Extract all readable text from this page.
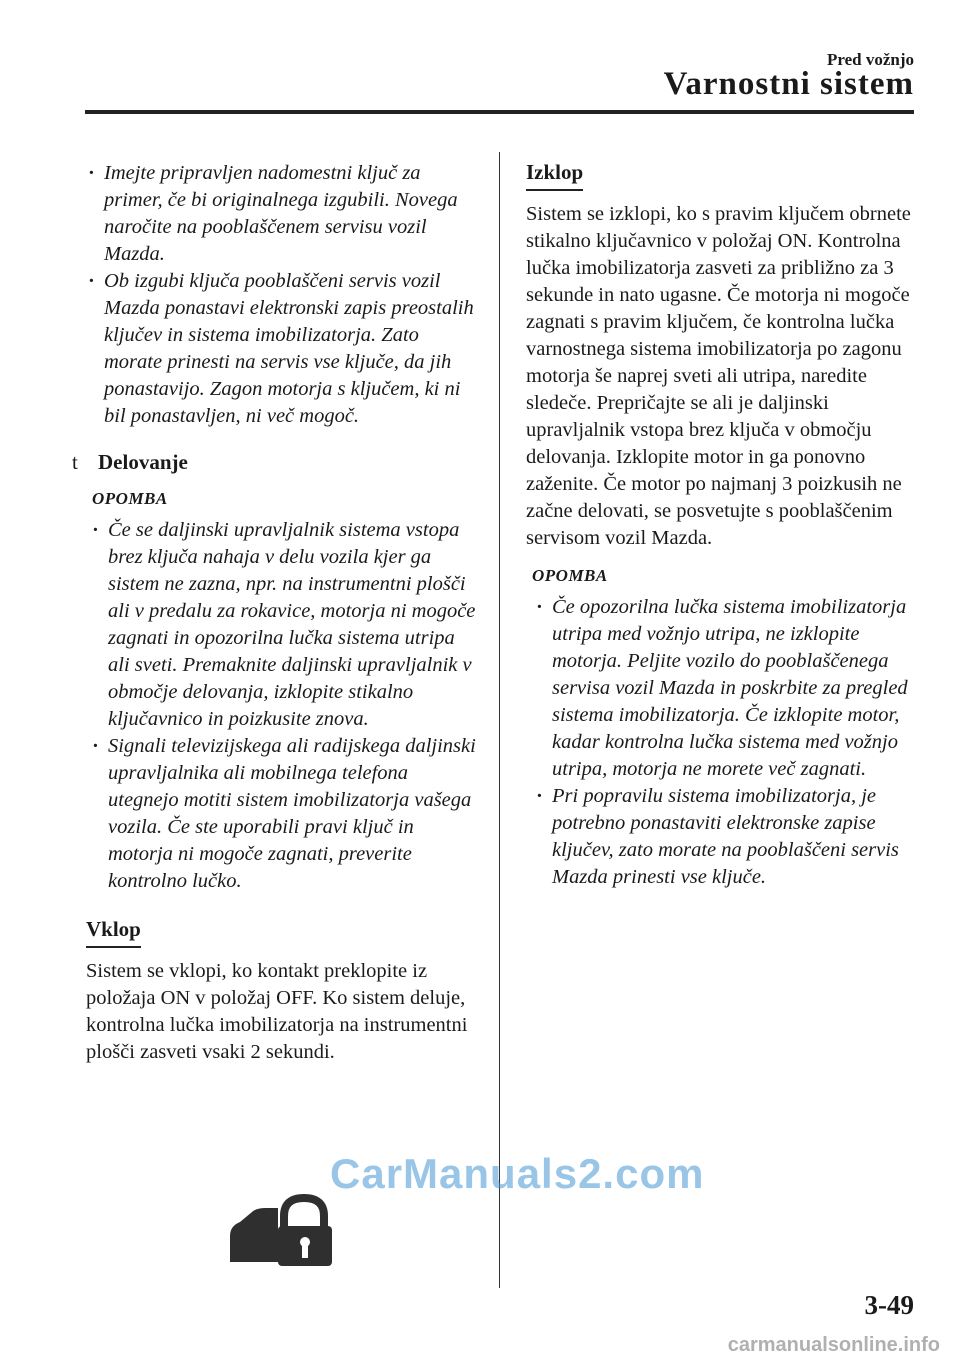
Pred vožnjo
Varnostni sistem
· Imejte pripravljen nadomestni ključ za primer, če bi originalnega izgubili. Novega naročite na pooblaščenem servisu vozil Mazda.
· Ob izgubi ključa pooblaščeni servis vozil Mazda ponastavi elektronski zapis preostalih ključev in sistema imobilizatorja. Zato morate prinesti na servis vse ključe, da jih ponastavijo. Zagon motorja s ključem, ki ni bil ponastavljen, ni več mogoč.
t Delovanje
OPOMBA
· Če se daljinski upravljalnik sistema vstopa brez ključa nahaja v delu vozila kjer ga sistem ne zazna, npr. na instrumentni plošči ali v predalu za rokavice, motorja ni mogoče zagnati in opozorilna lučka sistema utripa ali sveti. Premaknite daljinski upravljalnik v območje delovanja, izklopite stikalno ključavnico in poizkusite znova.
· Signali televizijskega ali radijskega daljinski upravljalnika ali mobilnega telefona utegnejo motiti sistem imobilizatorja vašega vozila. Če ste uporabili pravi ključ in motorja ni mogoče zagnati, preverite kontrolno lučko.
Vklop

Sistem se vklopi, ko kontakt preklopite iz položaja ON v položaj OFF. Ko sistem deluje, kontrolna lučka imobilizatorja na instrumentni plošči zasveti vsaki 2 sekundi.

Izklop

Sistem se izklopi, ko s pravim ključem obrnete stikalno ključavnico v položaj ON. Kontrolna lučka imobilizatorja zasveti za približno za 3 sekunde in nato ugasne. Če motorja ni mogoče zagnati s pravim ključem, če kontrolna lučka varnostnega sistema imobilizatorja po zagonu motorja še naprej sveti ali utripa, naredite sledeče. Prepričajte se ali je daljinski upravljalnik vstopa brez ključa v območju delovanja. Izklopite motor in ga ponovno zaženite. Če motor po najmanj 3 poizkusih ne začne delovati, se posvetujte s pooblaščenim servisom vozil Mazda.

OPOMBA
· Če opozorilna lučka sistema imobilizatorja utripa med vožnjo utripa, ne izklopite motorja. Peljite vozilo do pooblaščenega servisa vozil Mazda in poskrbite za pregled sistema imobilizatorja. Če izklopite motor, kadar kontrolna lučka sistema med vožnjo utripa, motorja ne morete več zagnati.
· Pri popravilu sistema imobilizatorja, je potrebno ponastaviti elektronske zapise ključev, zato morate na pooblaščeni servis Mazda prinesti vse ključe.
CarManuals2.com
3-49
carmanualsonline.info
